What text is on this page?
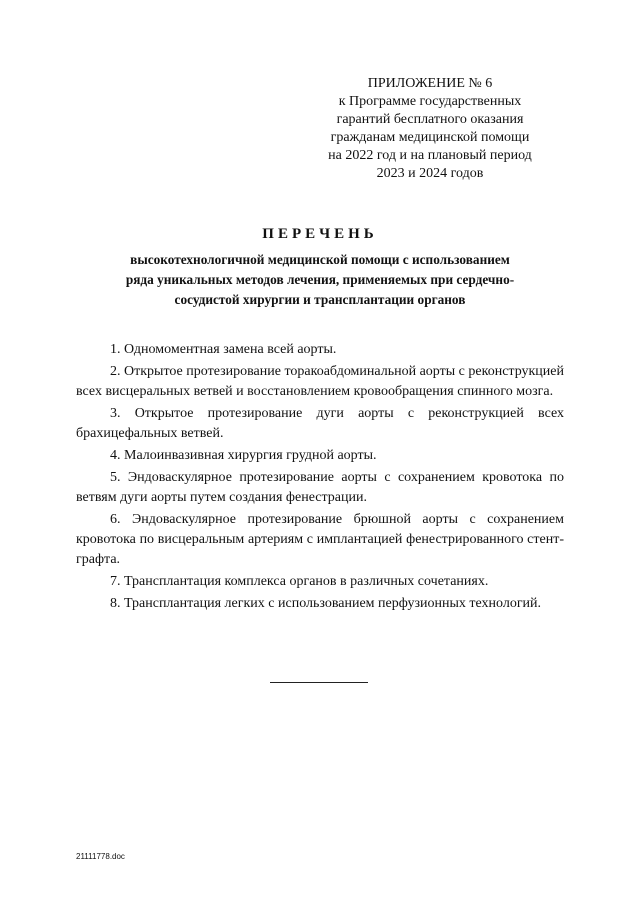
ПРИЛОЖЕНИЕ № 6
к Программе государственных
гарантий бесплатного оказания
гражданам медицинской помощи
на 2022 год и на плановый период
2023 и 2024 годов
ПЕРЕЧЕНЬ
высокотехнологичной медицинской помощи с использованием
ряда уникальных методов лечения, применяемых при сердечно-
сосудистой хирургии и трансплантации органов
1. Одномоментная замена всей аорты.
2. Открытое протезирование торакоабдоминальной аорты с реконструкцией всех висцеральных ветвей и восстановлением кровообращения спинного мозга.
3. Открытое протезирование дуги аорты с реконструкцией всех брахицефальных ветвей.
4. Малоинвазивная хирургия грудной аорты.
5. Эндоваскулярное протезирование аорты с сохранением кровотока по ветвям дуги аорты путем создания фенестрации.
6. Эндоваскулярное протезирование брюшной аорты с сохранением кровотока по висцеральным артериям с имплантацией фенестрированного стент-графта.
7. Трансплантация комплекса органов в различных сочетаниях.
8. Трансплантация легких с использованием перфузионных технологий.
21111778.doc
